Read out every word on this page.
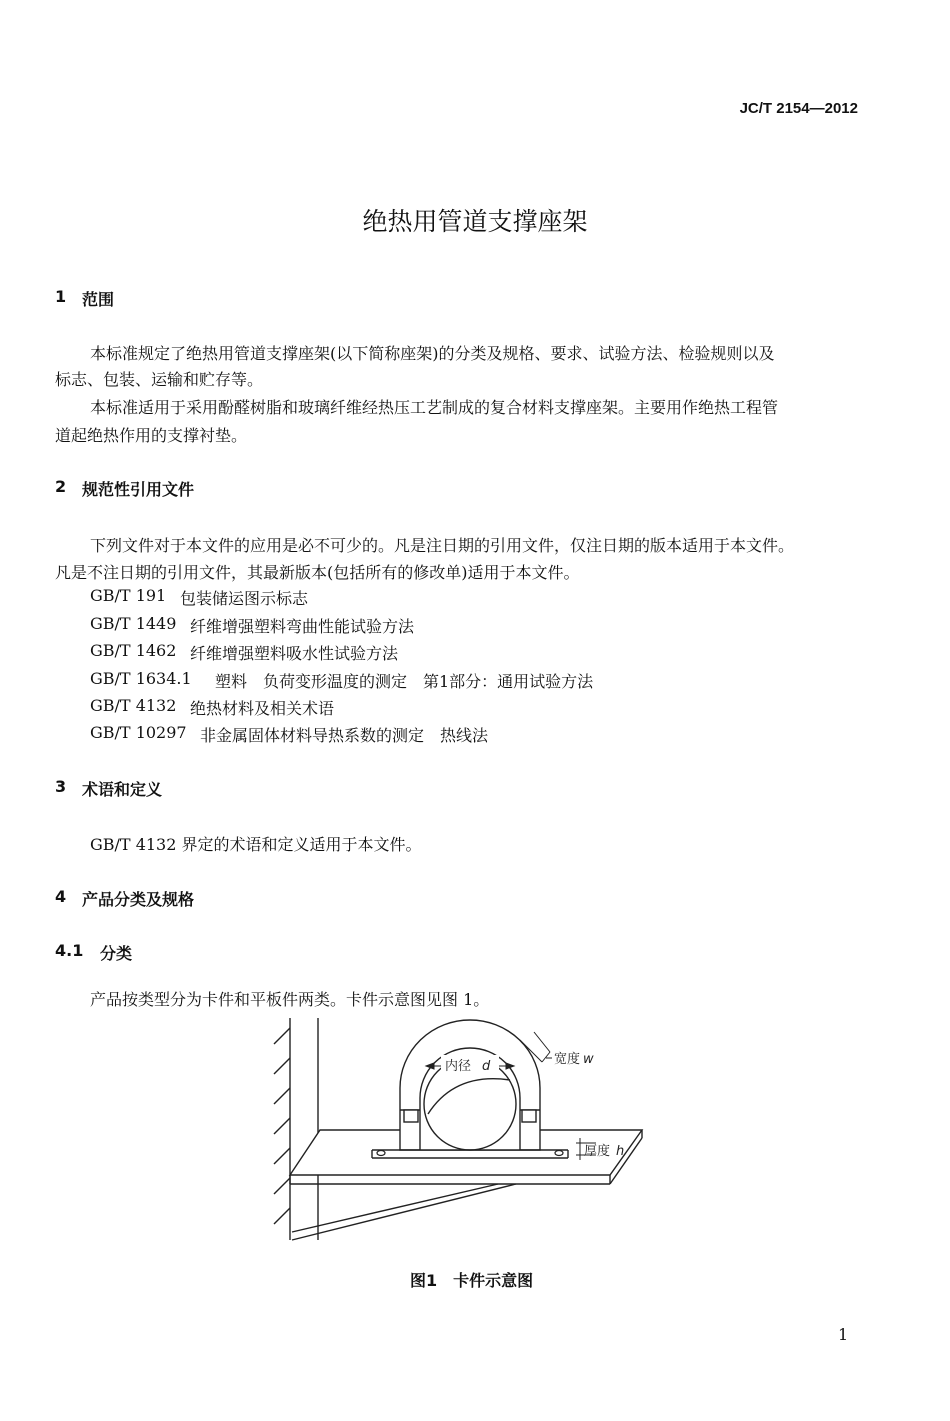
JC/T 2154—2012
绝热用管道支撑座架
1 范围
本标准规定了绝热用管道支撑座架(以下简称座架)的分类及规格、要求、试验方法、检验规则以及
标志、包装、运输和贮存等。
本标准适用于采用酚醛树脂和玻璃纤维经热压工艺制成的复合材料支撑座架。主要用作绝热工程管
道起绝热作用的支撑衬垫。
2 规范性引用文件
下列文件对于本文件的应用是必不可少的。凡是注日期的引用文件，仅注日期的版本适用于本文件。
凡是不注日期的引用文件，其最新版本(包括所有的修改单)适用于本文件。
GB/T 191 包装储运图示标志
GB/T 1449 纤维增强塑料弯曲性能试验方法
GB/T 1462 纤维增强塑料吸水性试验方法
GB/T 1634.1 塑料　负荷变形温度的测定　第1部分：通用试验方法
GB/T 4132 绝热材料及相关术语
GB/T 10297 非金属固体材料导热系数的测定　热线法
3 术语和定义
GB/T 4132 界定的术语和定义适用于本文件。
4 产品分类及规格
4.1 分类
产品按类型分为卡件和平板件两类。卡件示意图见图 1。
内径 d	宽度 w
厚度 h
图1　卡件示意图
1
